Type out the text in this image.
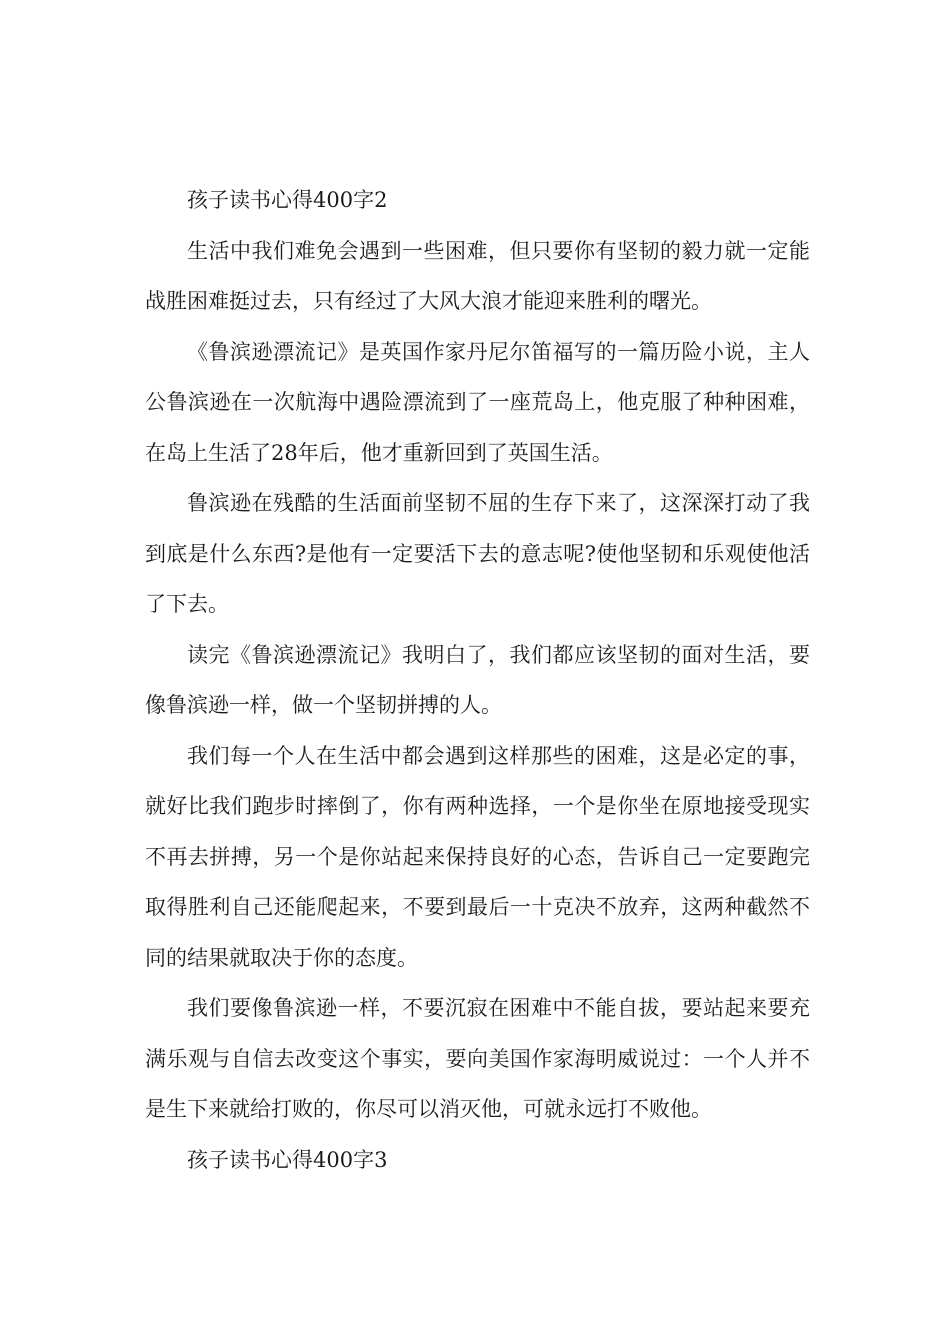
孩子读书心得400字2

生活中我们难免会遇到一些困难，但只要你有坚韧的毅力就一定能战胜困难挺过去，只有经过了大风大浪才能迎来胜利的曙光。

《鲁滨逊漂流记》是英国作家丹尼尔笛福写的一篇历险小说，主人公鲁滨逊在一次航海中遇险漂流到了一座荒岛上，他克服了种种困难，在岛上生活了28年后，他才重新回到了英国生活。

鲁滨逊在残酷的生活面前坚韧不屈的生存下来了，这深深打动了我到底是什么东西?是他有一定要活下去的意志呢?使他坚韧和乐观使他活了下去。

读完《鲁滨逊漂流记》我明白了，我们都应该坚韧的面对生活，要像鲁滨逊一样，做一个坚韧拼搏的人。

我们每一个人在生活中都会遇到这样那些的困难，这是必定的事，就好比我们跑步时摔倒了，你有两种选择，一个是你坐在原地接受现实不再去拼搏，另一个是你站起来保持良好的心态，告诉自己一定要跑完取得胜利自己还能爬起来，不要到最后一十克决不放弃，这两种截然不同的结果就取决于你的态度。

我们要像鲁滨逊一样，不要沉寂在困难中不能自拔，要站起来要充满乐观与自信去改变这个事实，要向美国作家海明威说过：一个人并不是生下来就给打败的，你尽可以消灭他，可就永远打不败他。

孩子读书心得400字3
